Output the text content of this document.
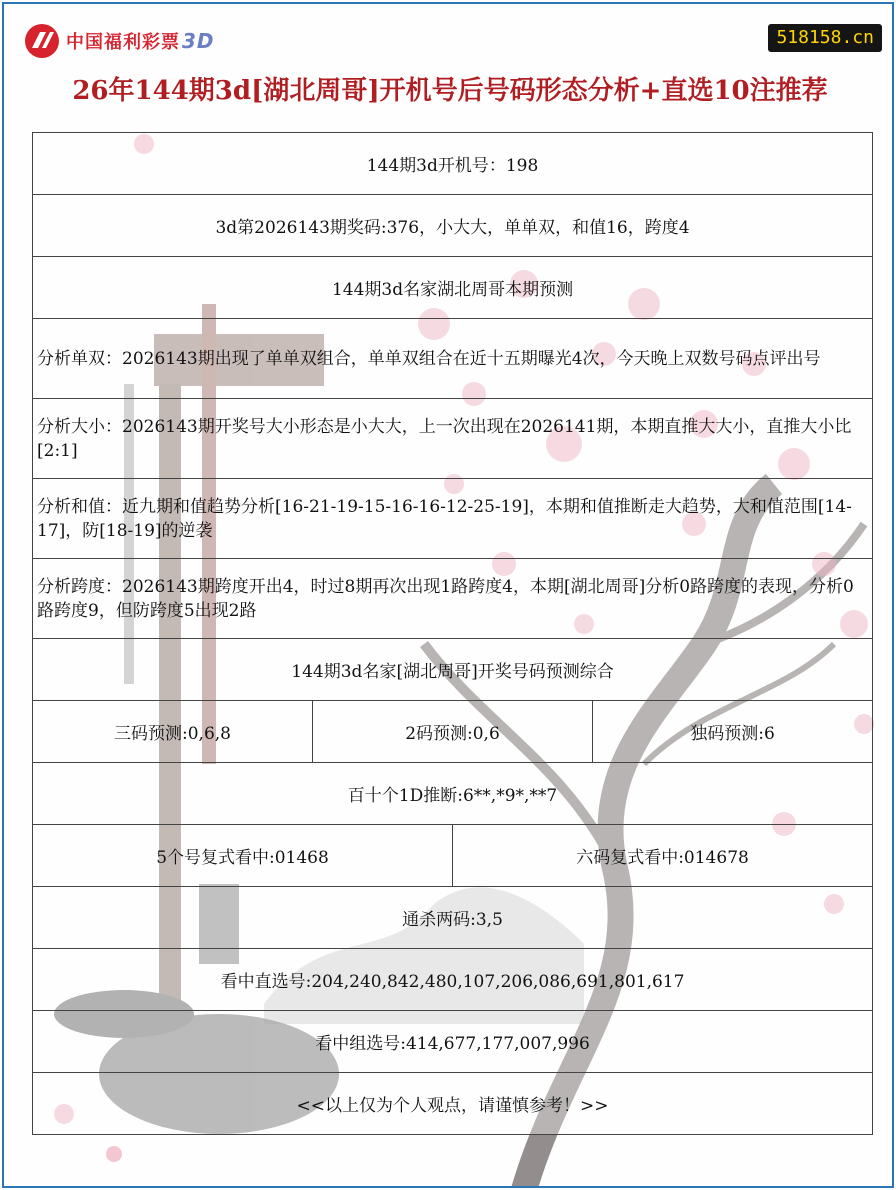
中国福利彩票 3D	518158.cn
26年144期3d[湖北周哥]开机号后号码形态分析+直选10注推荐
144期3d开机号：198			
3d第2026143期奖码:376，小大大，单单双，和值16，跨度4			
144期3d名家湖北周哥本期预测			
分析单双：2026143期出现了单单双组合，单单双组合在近十五期曝光4次，今天晚上双数号码点评出号			
分析大小：2026143期开奖号大小形态是小大大，上一次出现在2026141期，本期直推大大小，直推大小比[2:1]			
分析和值：近九期和值趋势分析[16-21-19-15-16-16-12-25-19]，本期和值推断走大趋势，大和值范围[14-17]，防[18-19]的逆袭			
分析跨度：2026143期跨度开出4，时过8期再次出现1路跨度4，本期[湖北周哥]分析0路跨度的表现，分析0路跨度9，但防跨度5出现2路			
144期3d名家[湖北周哥]开奖号码预测综合			
三码预测:0,6,8	2码预测:0,6		独码预测:6
百十个1D推断:6**,*9*,**7			
5个号复式看中:01468		六码复式看中:014678	
通杀两码:3,5			
看中直选号:204,240,842,480,107,206,086,691,801,617			
看中组选号:414,677,177,007,996			
<<以上仅为个人观点，请谨慎参考！>>			
